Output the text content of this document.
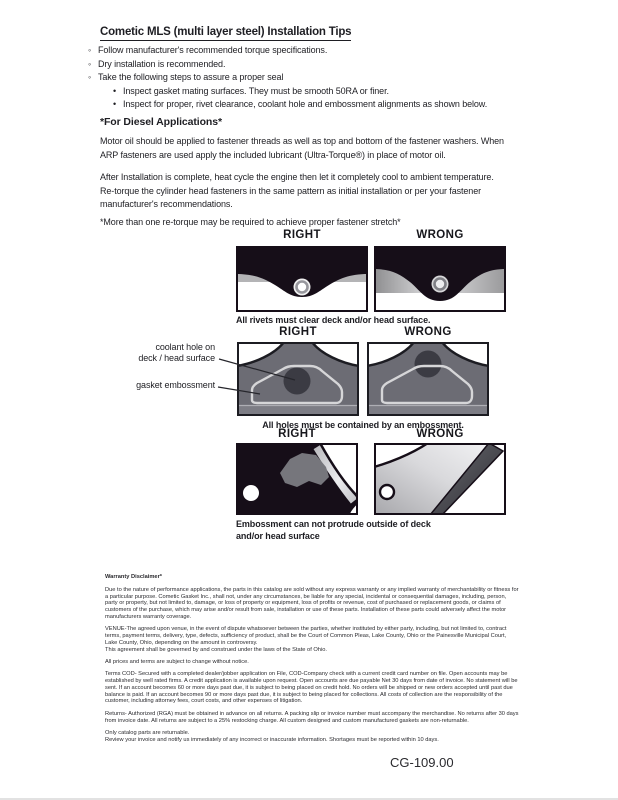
Cometic MLS (multi layer steel) Installation Tips
◦ Follow manufacturer's recommended torque specifications.
◦ Dry installation is recommended.
◦ Take the following steps to assure a proper seal
• Inspect gasket mating surfaces. They must be smooth 50RA or finer.
• Inspect for proper, rivet clearance, coolant hole and embossment alignments as shown below.
*For Diesel Applications*
Motor oil should be applied to fastener threads as well as top and bottom of the fastener washers. When ARP fasteners are used apply the included lubricant (Ultra-Torque®) in place of motor oil.
After Installation is complete, heat cycle the engine then let it completely cool to ambient temperature. Re-torque the cylinder head fasteners in the same pattern as initial installation or per your fastener manufacturer's recommendations.
*More than one re-torque may be required to achieve proper fastener stretch*
RIGHT	WRONG
All rivets must clear deck and/or head surface.
coolant hole on
deck / head surface
gasket embossment
RIGHT	WRONG
All holes must be contained by an embossment.
RIGHT	WRONG
Embossment can not protrude outside of deck
and/or head surface
Warranty Disclaimer*
Due to the nature of performance applications, the parts in this catalog are sold without any express warranty or any implied warranty of merchantability or fitness for a particular purpose. Cometic Gasket Inc., shall not, under any circumstances, be liable for any special, incidental or consequential damages, including, person, party or property, but not limited to, damage, or loss of property or equipment, loss of profits or revenue, cost of purchased or replacement goods, or claims of customers of the purchase, which may arise and/or result from sale, installation or use of these parts. Installation of these parts could adversely affect the motor manufacturers warranty coverage.
VENUE-The agreed upon venue, in the event of dispute whatsoever between the parties, whether instituted by either party, including, but not limited to, contract terms, payment terms, delivery, type, defects, sufficiency of product, shall be the Court of Common Pleas, Lake County, Ohio or the Painesville Municipal Court, Lake County, Ohio, depending on the amount in controversy.
This agreement shall be governed by and construed under the laws of the State of Ohio.
All prices and terms are subject to change without notice.
Terms COD- Secured with a completed dealer/jobber application on File, COD-Company check with a current credit card number on file. Open accounts may be established by well rated firms. A credit application is available upon request. Open accounts are due payable Net 30 days from date of invoice. No statement will be sent. If an account becomes 60 or more days past due, it is subject to being placed on credit hold. No orders will be shipped or new orders accepted until past due balance is paid. If an account becomes 90 or more days past due, it is subject to being placed for collections. All costs of collection are the responsibility of the customer, including attorney fees, court costs, and other expenses of litigation.
Returns- Authorized (RGA) must be obtained in advance on all returns. A packing slip or invoice number must accompany the merchandise. No returns after 30 days from invoice date. All returns are subject to a 25% restocking charge. All custom designed and custom manufactured gaskets are non-returnable.
Only catalog parts are returnable.
Review your invoice and notify us immediately of any incorrect or inaccurate information. Shortages must be reported within 10 days.
CG-109.00
